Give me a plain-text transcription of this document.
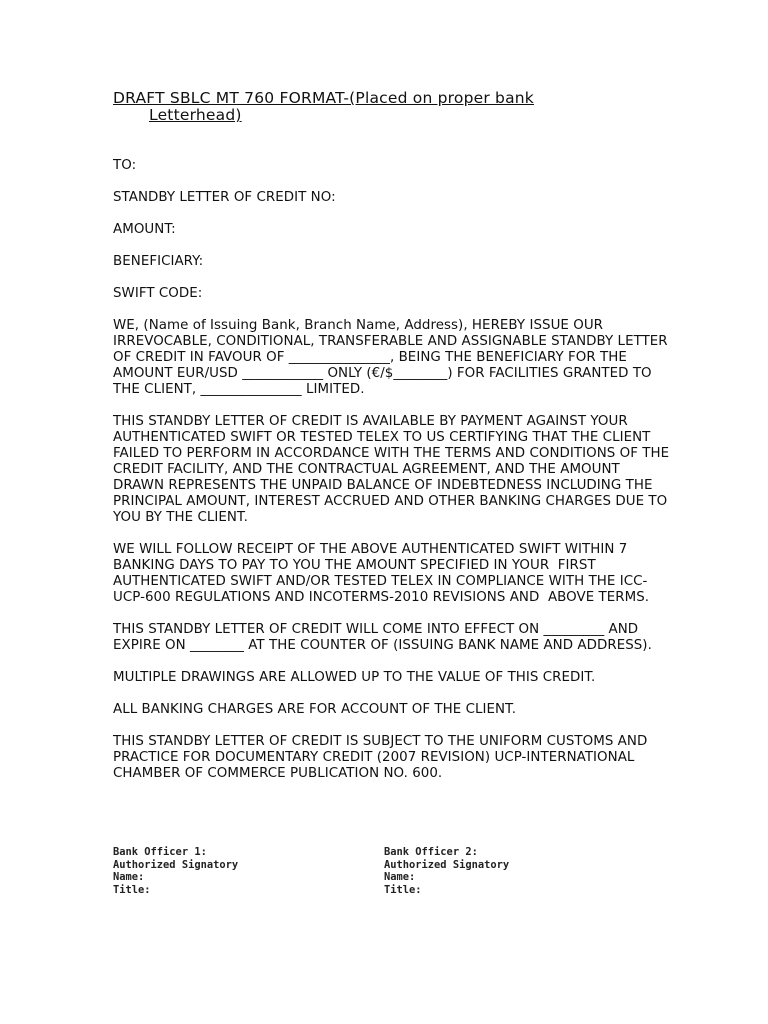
DRAFT SBLC MT 760 FORMAT-(Placed on proper bank
Letterhead)

TO:

STANDBY LETTER OF CREDIT NO:

AMOUNT:

BENEFICIARY:

SWIFT CODE:

WE, (Name of Issuing Bank, Branch Name, Address), HEREBY ISSUE OUR IRREVOCABLE, CONDITIONAL, TRANSFERABLE AND ASSIGNABLE STANDBY LETTER OF CREDIT IN FAVOUR OF _______________, BEING THE BENEFICIARY FOR THE AMOUNT EUR/USD ____________ ONLY (€/$________) FOR FACILITIES GRANTED TO THE CLIENT, _______________ LIMITED.

THIS STANDBY LETTER OF CREDIT IS AVAILABLE BY PAYMENT AGAINST YOUR AUTHENTICATED SWIFT OR TESTED TELEX TO US CERTIFYING THAT THE CLIENT FAILED TO PERFORM IN ACCORDANCE WITH THE TERMS AND CONDITIONS OF THE CREDIT FACILITY, AND THE CONTRACTUAL AGREEMENT, AND THE AMOUNT DRAWN REPRESENTS THE UNPAID BALANCE OF INDEBTEDNESS INCLUDING THE PRINCIPAL AMOUNT, INTEREST ACCRUED AND OTHER BANKING CHARGES DUE TO YOU BY THE CLIENT.

WE WILL FOLLOW RECEIPT OF THE ABOVE AUTHENTICATED SWIFT WITHIN 7 BANKING DAYS TO PAY TO YOU THE AMOUNT SPECIFIED IN YOUR  FIRST AUTHENTICATED SWIFT AND/OR TESTED TELEX IN COMPLIANCE WITH THE ICC-UCP-600 REGULATIONS AND INCOTERMS-2010 REVISIONS AND  ABOVE TERMS.

THIS STANDBY LETTER OF CREDIT WILL COME INTO EFFECT ON _________ AND EXPIRE ON ________ AT THE COUNTER OF (ISSUING BANK NAME AND ADDRESS).

MULTIPLE DRAWINGS ARE ALLOWED UP TO THE VALUE OF THIS CREDIT.

ALL BANKING CHARGES ARE FOR ACCOUNT OF THE CLIENT.

THIS STANDBY LETTER OF CREDIT IS SUBJECT TO THE UNIFORM CUSTOMS AND PRACTICE FOR DOCUMENTARY CREDIT (2007 REVISION) UCP-INTERNATIONAL CHAMBER OF COMMERCE PUBLICATION NO. 600.

Bank Officer 1:
Authorized Signatory
Name:
Title:
Bank Officer 2:
Authorized Signatory
Name:
Title:
